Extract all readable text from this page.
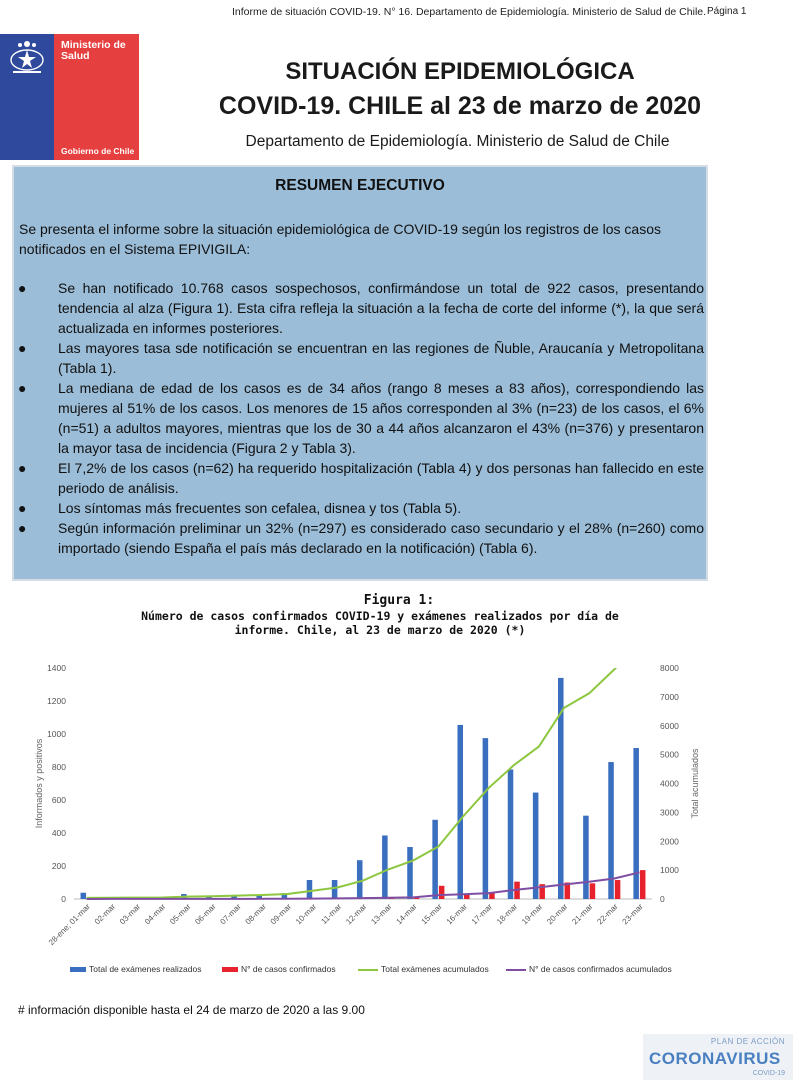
Informe de situación COVID-19. N° 16. Departamento de Epidemiología. Ministerio de Salud de Chile. Página 1
Ministerio de Salud
Gobierno de Chile
SITUACIÓN EPIDEMIOLÓGICA
COVID-19. CHILE al 23 de marzo de 2020
Departamento de Epidemiología. Ministerio de Salud de Chile
RESUMEN EJECUTIVO
Se presenta el informe sobre la situación epidemiológica de COVID-19 según los registros de los casos notificados en el Sistema EPIVIGILA:
● Se han notificado 10.768 casos sospechosos, confirmándose un total de 922 casos, presentando tendencia al alza (Figura 1). Esta cifra refleja la situación a la fecha de corte del informe (*), la que será actualizada en informes posteriores.
● Las mayores tasa sde notificación se encuentran en las regiones de Ñuble, Araucanía y Metropolitana (Tabla 1).
● La mediana de edad de los casos es de 34 años (rango 8 meses a 83 años), correspondiendo las mujeres al 51% de los casos. Los menores de 15 años corresponden al 3% (n=23) de los casos, el 6% (n=51) a adultos mayores, mientras que los de 30 a 44 años alcanzaron el 43% (n=376) y presentaron la mayor tasa de incidencia (Figura 2 y Tabla 3).
● El 7,2% de los casos (n=62) ha requerido hospitalización (Tabla 4) y dos personas han fallecido en este periodo de análisis.
● Los síntomas más frecuentes son cefalea, disnea y tos (Tabla 5).
● Según información preliminar un 32% (n=297) es considerado caso secundario y el 28% (n=260) como importado (siendo España el país más declarado en la notificación) (Tabla 6).
Figura 1:
Número de casos confirmados COVID-19 y exámenes realizados por día de informe. Chile, al 23 de marzo de 2020 (*)
0
200
400
600
800
1000
1200
1400
0
1000
2000
3000
4000
5000
6000
7000
8000
Informados y positivos	Total acumulados
28-ene; 01-mar 02-mar 03-mar 04-mar 05-mar 06-mar 07-mar 08-mar 09-mar 10-mar 11-mar 12-mar 13-mar 14-mar 15-mar 16-mar 17-mar 18-mar 19-mar 20-mar 21-mar 22-mar 23-mar
Total de exámenes realizados	N° de casos confirmados	Total exámenes acumulados	N° de casos confirmados acumulados
# información disponible hasta el 24 de marzo de 2020 a las 9.00
PLAN DE ACCIÓN
CORONAVIRUS
COVID-19
